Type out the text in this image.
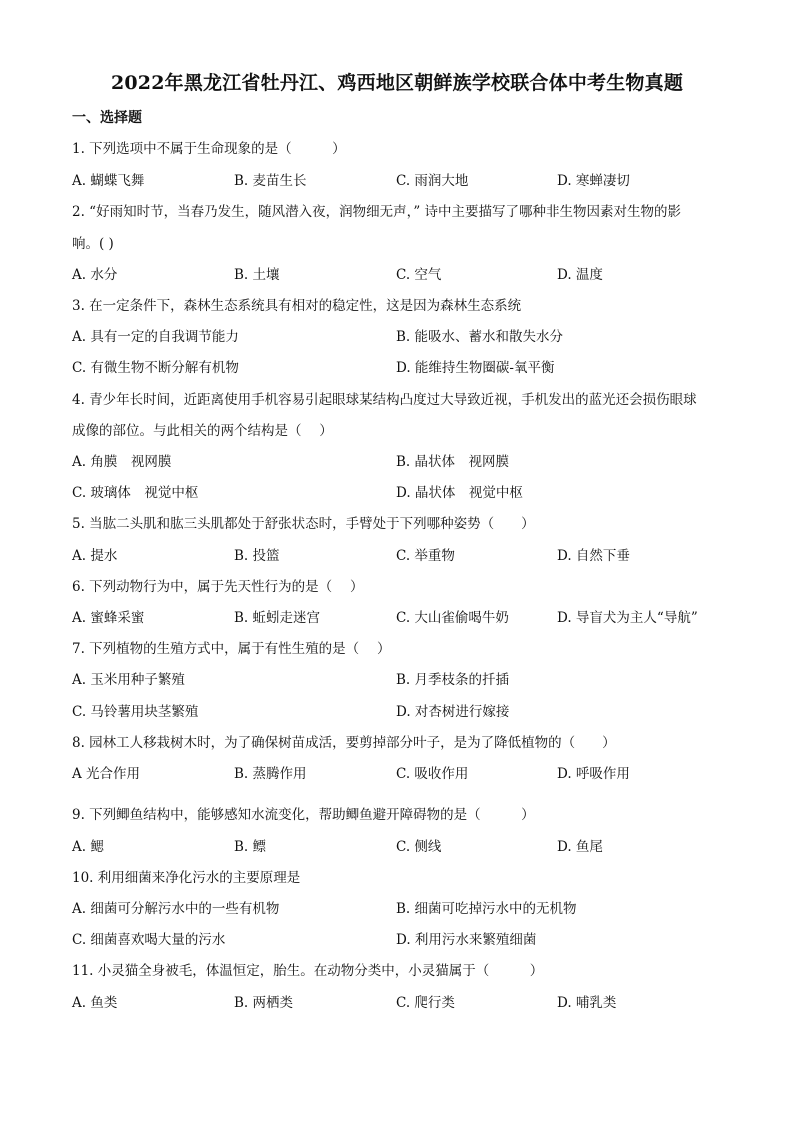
2022年黑龙江省牡丹江、鸡西地区朝鲜族学校联合体中考生物真题
一、选择题
1. 下列选项中不属于生命现象的是（　　　）
A. 蝴蝶飞舞	B. 麦苗生长	C. 雨润大地	D. 寒蝉凄切
2. “好雨知时节，当春乃发生，随风潜入夜，润物细无声，” 诗中主要描写了哪种非生物因素对生物的影
响。( )
A. 水分	B. 土壤	C. 空气	D. 温度
3. 在一定条件下，森林生态系统具有相对的稳定性，这是因为森林生态系统
A. 具有一定的自我调节能力	B. 能吸水、蓄水和散失水分
C. 有微生物不断分解有机物	D. 能维持生物圈碳-氧平衡
4. 青少年长时间，近距离使用手机容易引起眼球某结构凸度过大导致近视，手机发出的蓝光还会损伤眼球
成像的部位。与此相关的两个结构是（　 ）
A. 角膜　视网膜	B. 晶状体　视网膜
C. 玻璃体　视觉中枢	D. 晶状体　视觉中枢
5. 当肱二头肌和肱三头肌都处于舒张状态时，手臂处于下列哪种姿势（　　）
A. 提水	B. 投篮	C. 举重物	D. 自然下垂
6. 下列动物行为中，属于先天性行为的是（　 ）
A. 蜜蜂采蜜	B. 蚯蚓走迷宫	C. 大山雀偷喝牛奶	D. 导盲犬为主人“导航”
7. 下列植物的生殖方式中，属于有性生殖的是（　 ）
A. 玉米用种子繁殖	B. 月季枝条的扦插
C. 马铃薯用块茎繁殖	D. 对杏树进行嫁接
8. 园林工人移栽树木时，为了确保树苗成活，要剪掉部分叶子，是为了降低植物的（　　）
A 光合作用	B. 蒸腾作用	C. 吸收作用	D. 呼吸作用
9. 下列鲫鱼结构中，能够感知水流变化，帮助鲫鱼避开障碍物的是（　　　）
A. 鳃	B. 鳔	C. 侧线	D. 鱼尾
10. 利用细菌来净化污水的主要原理是
A. 细菌可分解污水中的一些有机物	B. 细菌可吃掉污水中的无机物
C. 细菌喜欢喝大量的污水	D. 利用污水来繁殖细菌
11. 小灵猫全身被毛，体温恒定，胎生。在动物分类中，小灵猫属于（　　　）
A. 鱼类	B. 两栖类	C. 爬行类	D. 哺乳类
